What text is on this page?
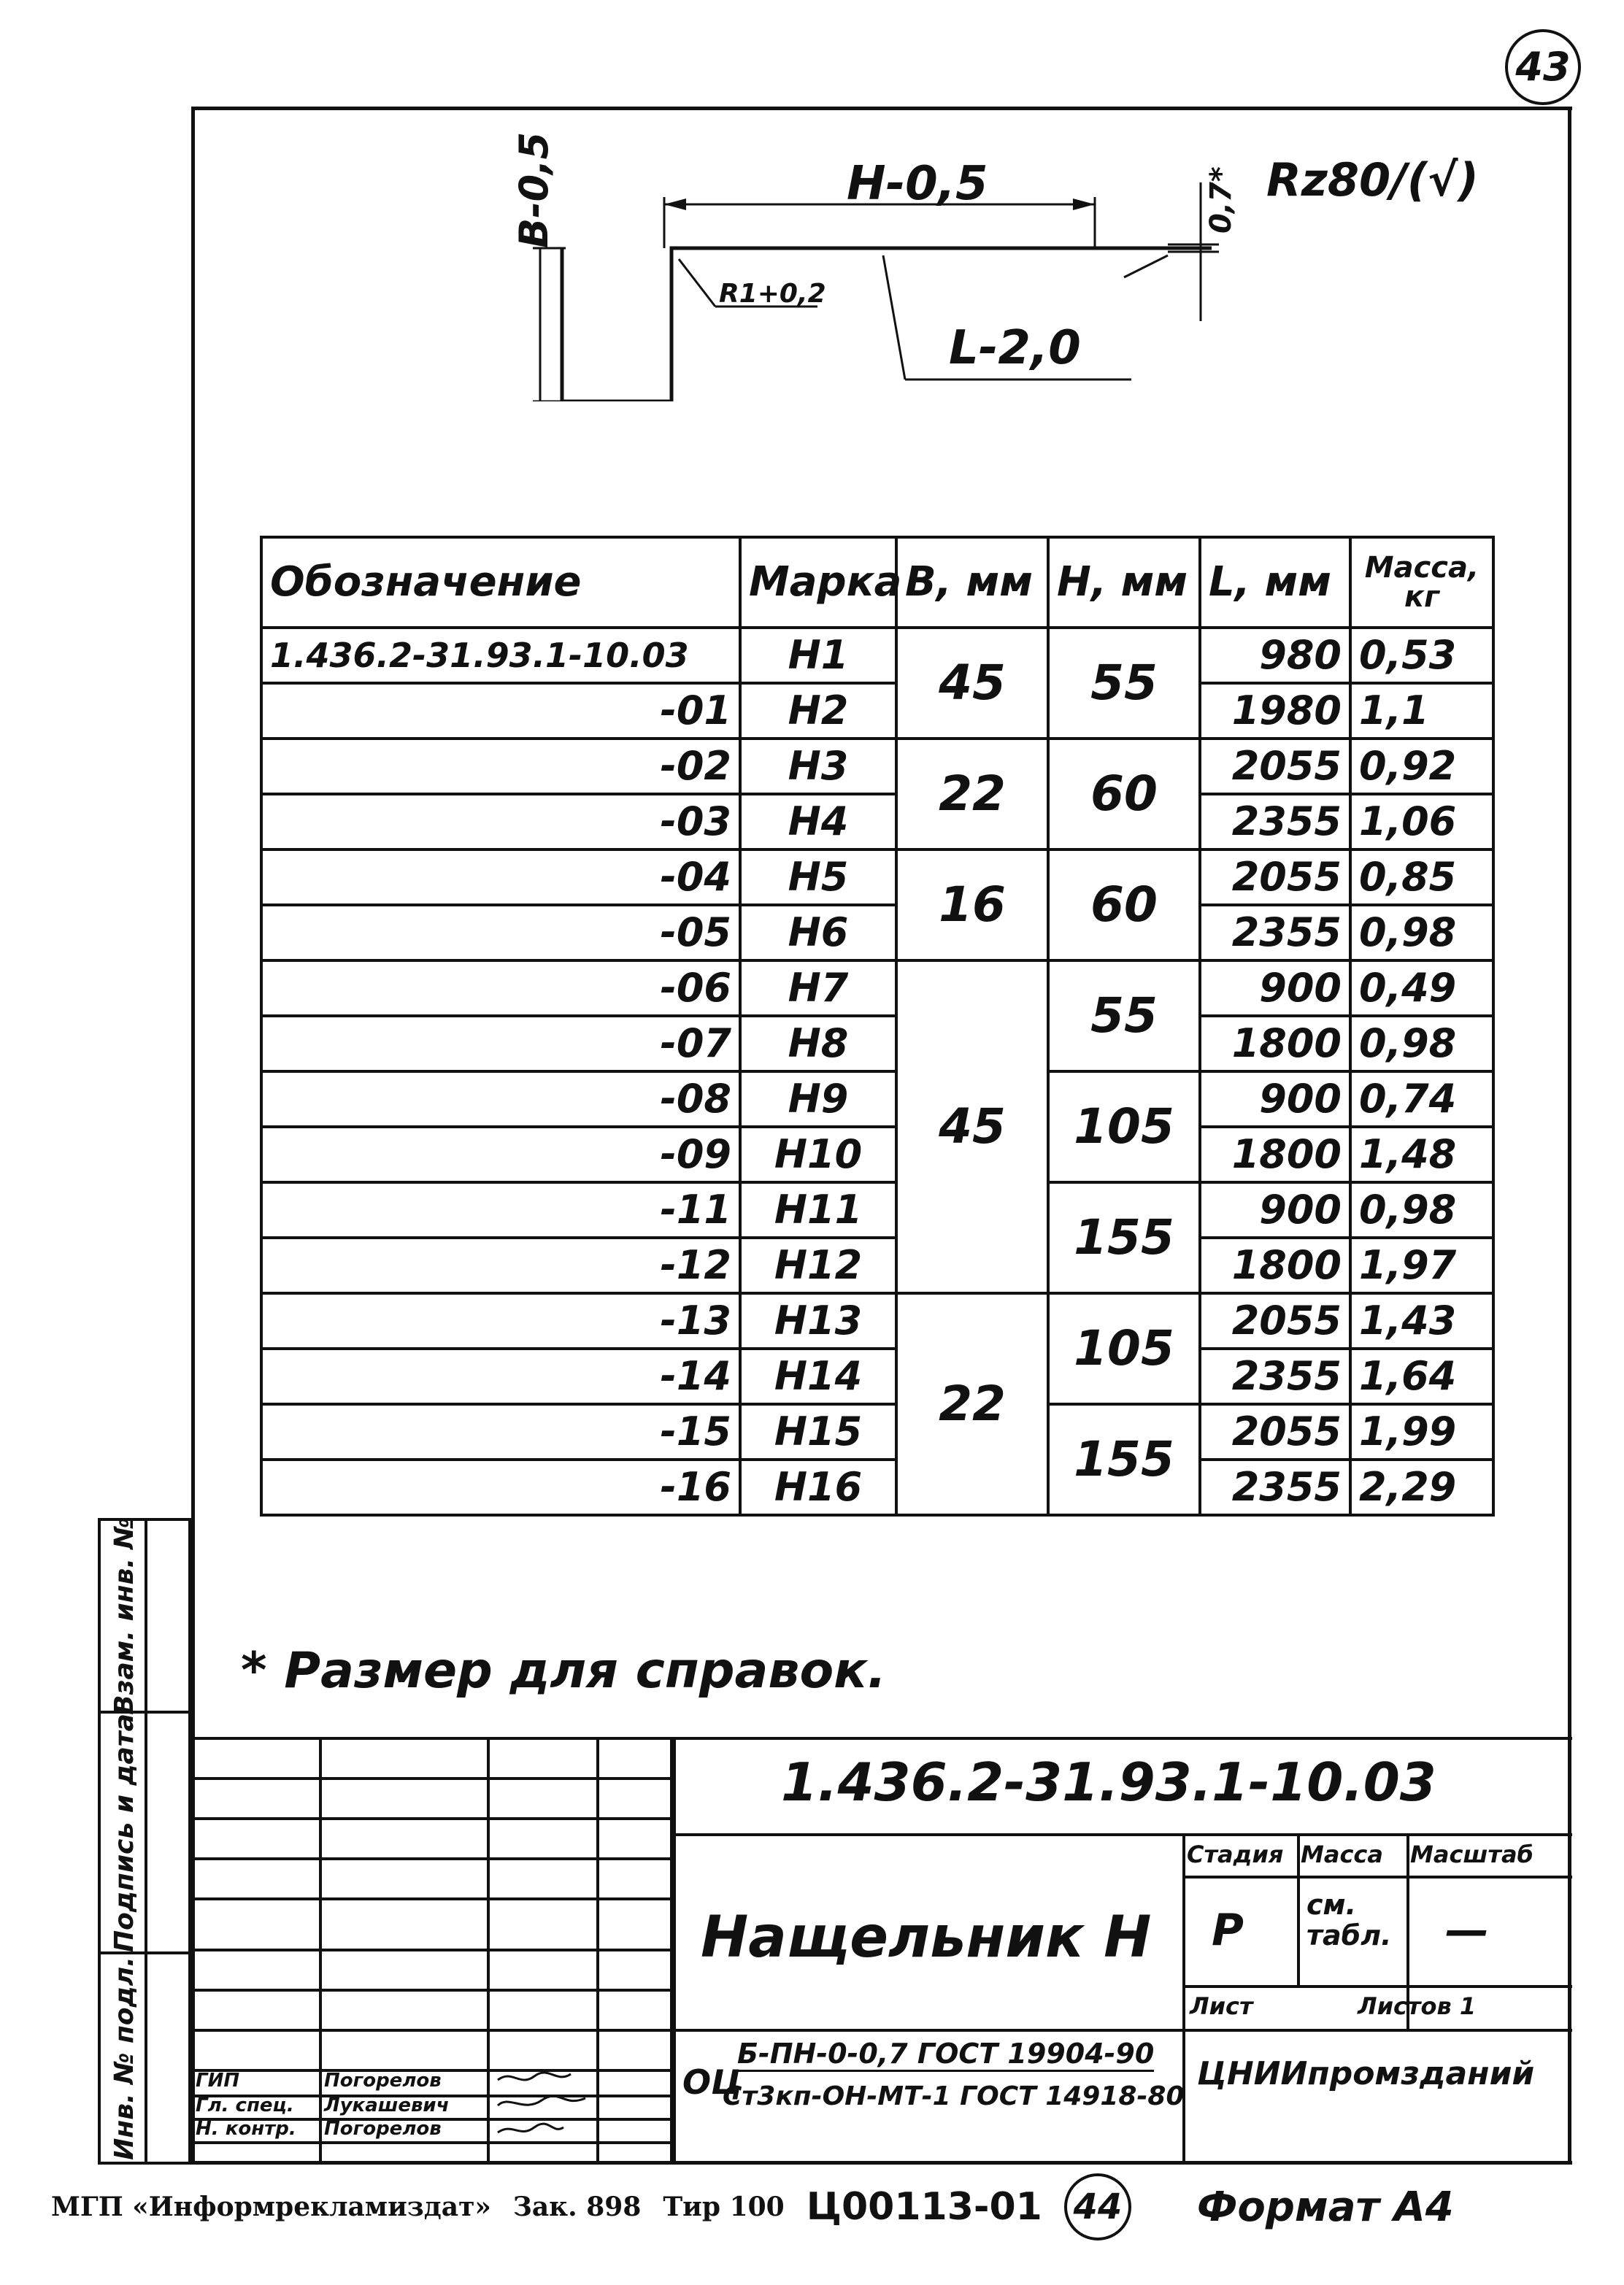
43
H-0,5
B-0,5
L-2,0
R1+0,2
0,7* Rz80/(√)
Обозначение	Марка	B, мм	H, мм	L, мм	Масса, кг
1.436.2-31.93.1-10.03	H1	45	55	980	0,53
-01	H2			1980	1,1
-02	H3	22	60	2055	0,92
-03	H4			2355	1,06
-04	H5	16	60	2055	0,85
-05	H6			2355	0,98
-06	H7	45	55	900	0,49
-07	H8			1800	0,98
-08	H9		105	900	0,74
-09	H10			1800	1,48
-11	H11		155	900	0,98
-12	H12			1800	1,97
-13	H13	22	105	2055	1,43
-14	H14			2355	1,64
-15	H15		155	2055	1,99
-16	H16			2355	2,29
* Размер для справок.
Взам. инв. №
Подпись и дата
Инв. № подл.
1.436.2-31.93.1-10.03
Нащельник Н
Стадия Масса Масштаб
Р см. табл. —
Лист	Листов 1
ОЦ
Б-ПН-0-0,7 ГОСТ 19904-90
Ст3кп-ОН-МТ-1 ГОСТ 14918-80
ЦНИИпромзданий
ГИП	Погорелов
Гл. спец. Лукашевич
Н. контр. Погорелов
МГП «Информрекламиздат» Зак. 898 Тир 100 Ц00113-01 44 Формат А4
